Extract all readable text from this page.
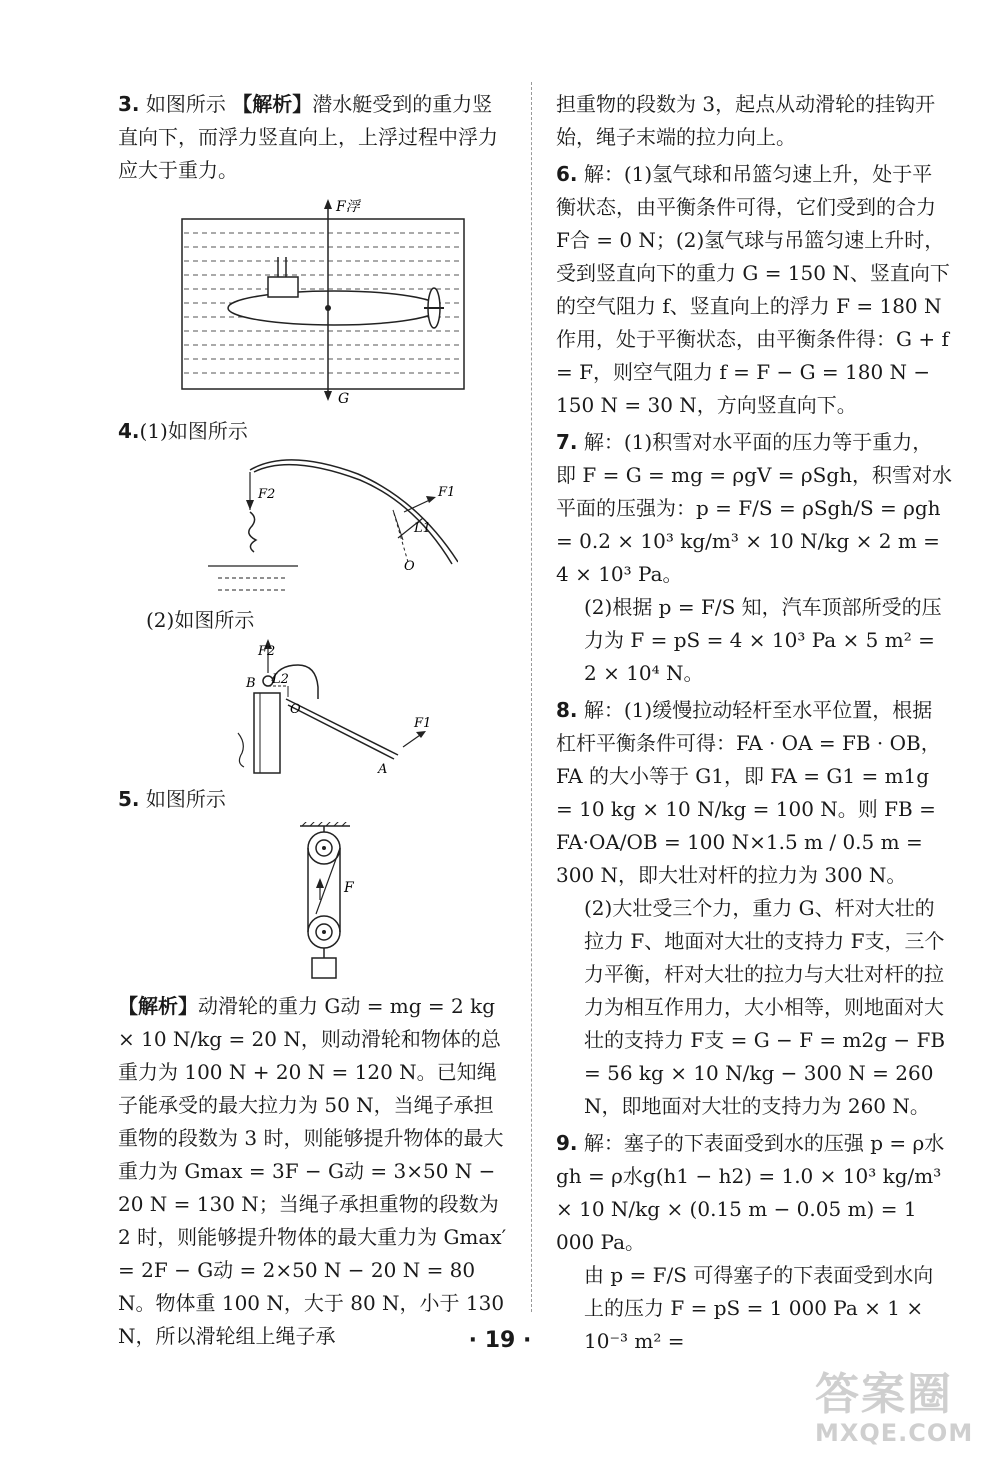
3. 如图所示 【解析】潜水艇受到的重力竖直向下，而浮力竖直向上，上浮过程中浮力应大于重力。

F浮
G

4.(1)如图所示

F2	F1
L1
O

(2)如图所示

F2
B L2
O
F1
A

5. 如图所示

F

【解析】动滑轮的重力 G动 = mg = 2 kg × 10 N/kg = 20 N，则动滑轮和物体的总重力为 100 N + 20 N = 120 N。已知绳子能承受的最大拉力为 50 N，当绳子承担重物的段数为 3 时，则能够提升物体的最大重力为 Gmax = 3F − G动 = 3×50 N − 20 N = 130 N；当绳子承担重物的段数为 2 时，则能够提升物体的最大重力为 Gmax′ = 2F − G动 = 2×50 N − 20 N = 80 N。物体重 100 N，大于 80 N，小于 130 N，所以滑轮组上绳子承

担重物的段数为 3，起点从动滑轮的挂钩开始，绳子末端的拉力向上。

6. 解：(1)氢气球和吊篮匀速上升，处于平衡状态，由平衡条件可得，它们受到的合力 F合 = 0 N；(2)氢气球与吊篮匀速上升时，受到竖直向下的重力 G = 150 N、竖直向下的空气阻力 f、竖直向上的浮力 F = 180 N 作用，处于平衡状态，由平衡条件得：G + f = F，则空气阻力 f = F − G = 180 N − 150 N = 30 N，方向竖直向下。

7. 解：(1)积雪对水平面的压力等于重力，即 F = G = mg = ρgV = ρSgh，积雪对水平面的压强为：p = F/S = ρSgh/S = ρgh = 0.2 × 10³ kg/m³ × 10 N/kg × 2 m = 4 × 10³ Pa。

(2)根据 p = F/S 知，汽车顶部所受的压力为 F = pS = 4 × 10³ Pa × 5 m² = 2 × 10⁴ N。

8. 解：(1)缓慢拉动轻杆至水平位置，根据杠杆平衡条件可得：FA · OA = FB · OB，FA 的大小等于 G1，即 FA = G1 = m1g = 10 kg × 10 N/kg = 100 N。则 FB = FA·OA/OB = 100 N×1.5 m / 0.5 m = 300 N，即大壮对杆的拉力为 300 N。

(2)大壮受三个力，重力 G、杆对大壮的拉力 F、地面对大壮的支持力 F支，三个力平衡，杆对大壮的拉力与大壮对杆的拉力为相互作用力，大小相等，则地面对大壮的支持力 F支 = G − F = m2g − FB = 56 kg × 10 N/kg − 300 N = 260 N，即地面对大壮的支持力为 260 N。

9. 解：塞子的下表面受到水的压强 p = ρ水gh = ρ水g(h1 − h2) = 1.0 × 10³ kg/m³ × 10 N/kg × (0.15 m − 0.05 m) = 1 000 Pa。

由 p = F/S 可得塞子的下表面受到水向上的压力 F = pS = 1 000 Pa × 1 × 10⁻³ m² =

· 19 ·
答案圈
MXQE.COM
